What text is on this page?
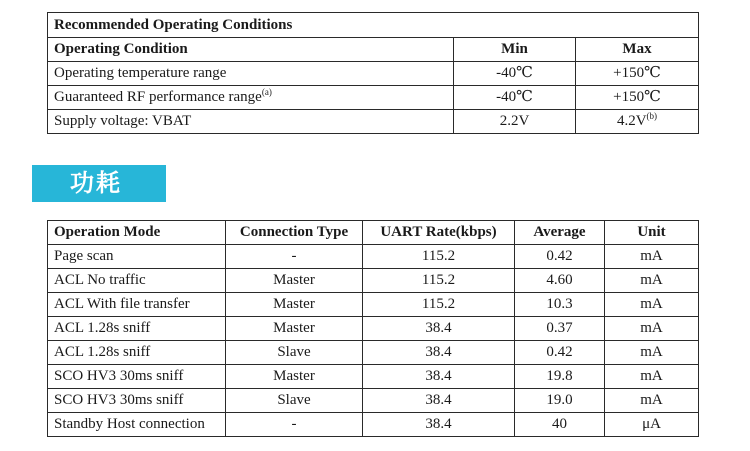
Recommended Operating Conditions		
Operating Condition	Min	Max
Operating temperature range	-40℃	+150℃
Guaranteed RF performance range$^{(a)}$	-40℃	+150℃
Supply voltage: VBAT	2.2V	$4.2V^{(b)}$
功耗
Operation Mode	Connection Type	UART Rate(kbps)	Average	Unit
Page scan	-	115.2	0.42	mA
ACL No traffic	Master	115.2	4.60	mA
ACL With file transfer	Master	115.2	10.3	mA
ACL 1.28s sniff	Master	38.4	0.37	mA
ACL 1.28s sniff	Slave	38.4	0.42	mA
SCO HV3 30ms sniff	Master	38.4	19.8	mA
SCO HV3 30ms sniff	Slave	38.4	19.0	mA
Standby Host connection	-	38.4	40	μA
